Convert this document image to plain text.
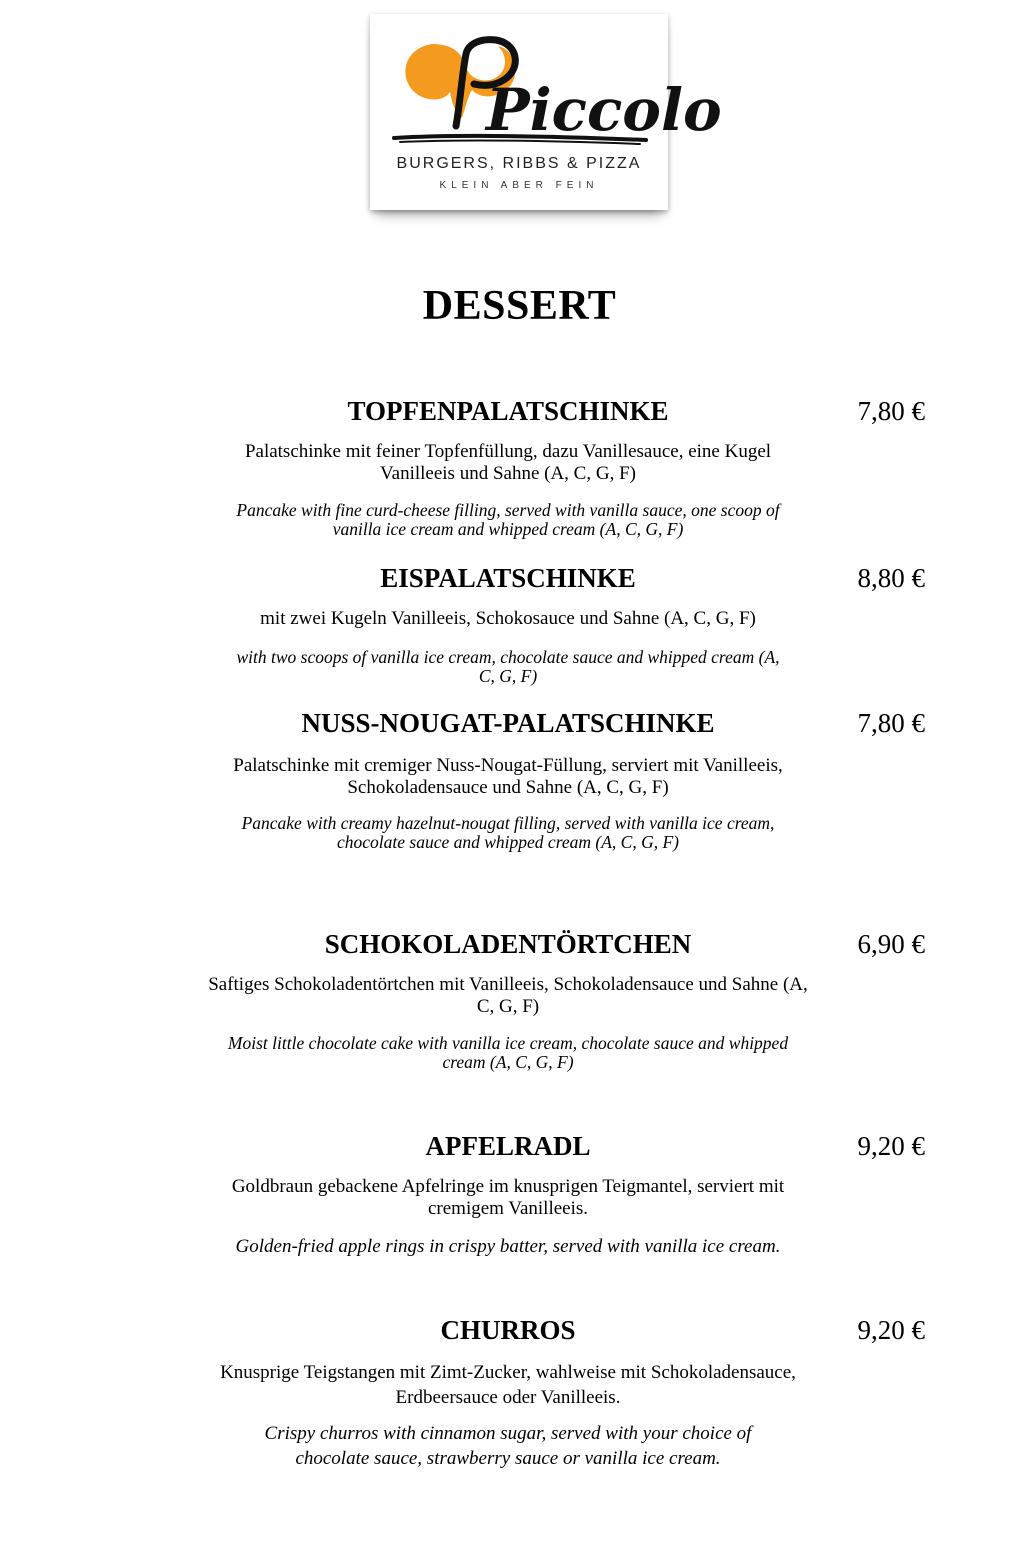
Piccolo
BURGERS, RIBBS & PIZZA
KLEIN ABER FEIN
DESSERT
TOPFENPALATSCHINKE	7,80 €
Palatschinke mit feiner Topfenfüllung, dazu Vanillesauce, eine Kugel Vanilleeis und Sahne (A, C, G, F)
Pancake with fine curd-cheese filling, served with vanilla sauce, one scoop of vanilla ice cream and whipped cream (A, C, G, F)
EISPALATSCHINKE	8,80 €
mit zwei Kugeln Vanilleeis, Schokosauce und Sahne (A, C, G, F)
with two scoops of vanilla ice cream, chocolate sauce and whipped cream (A, C, G, F)
NUSS-NOUGAT-PALATSCHINKE	7,80 €
Palatschinke mit cremiger Nuss-Nougat-Füllung, serviert mit Vanilleeis, Schokoladensauce und Sahne (A, C, G, F)
Pancake with creamy hazelnut-nougat filling, served with vanilla ice cream, chocolate sauce and whipped cream (A, C, G, F)
SCHOKOLADENTÖRTCHEN	6,90 €
Saftiges Schokoladentörtchen mit Vanilleeis, Schokoladensauce und Sahne (A, C, G, F)
Moist little chocolate cake with vanilla ice cream, chocolate sauce and whipped cream (A, C, G, F)
APFELRADL	9,20 €
Goldbraun gebackene Apfelringe im knusprigen Teigmantel, serviert mit cremigem Vanilleeis.
Golden-fried apple rings in crispy batter, served with vanilla ice cream.
CHURROS	9,20 €
Knusprige Teigstangen mit Zimt-Zucker, wahlweise mit Schokoladensauce, Erdbeersauce oder Vanilleeis.
Crispy churros with cinnamon sugar, served with your choice of chocolate sauce, strawberry sauce or vanilla ice cream.
